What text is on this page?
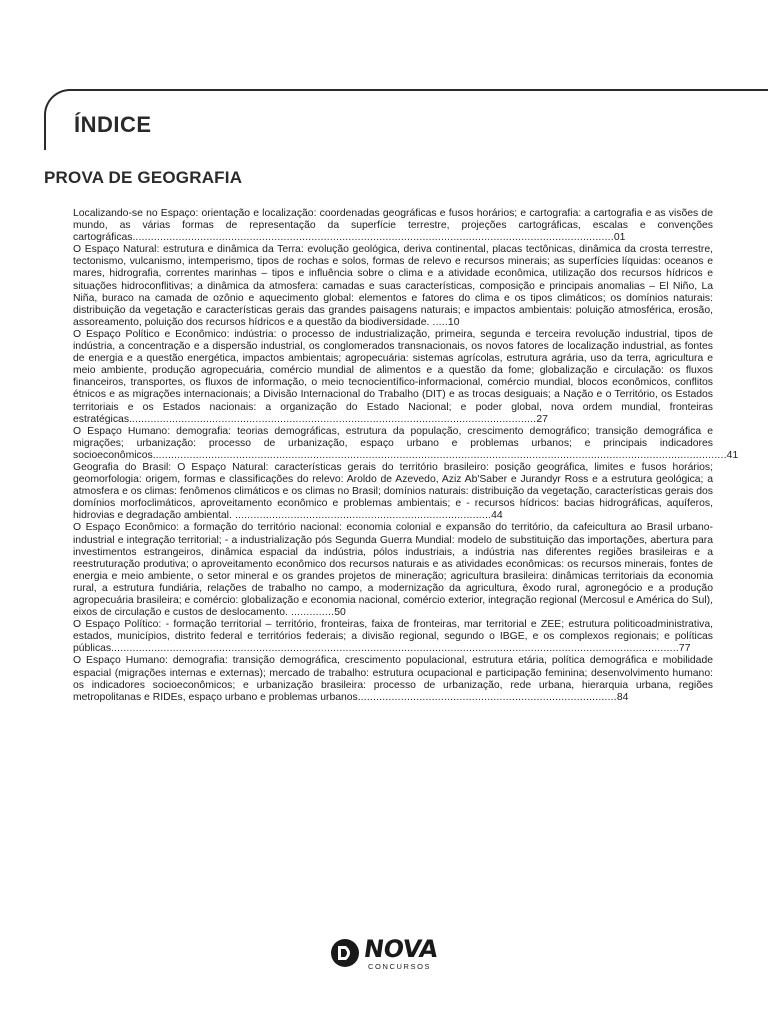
ÍNDICE
PROVA DE GEOGRAFIA

Localizando-se no Espaço: orientação e localização: coordenadas geográficas e fusos horários; e cartografia: a cartografia e as visões de mundo, as várias formas de representação da superfície terrestre, projeções cartográficas, escalas e convenções cartográficas............................................................................................................................................................01

O Espaço Natural: estrutura e dinâmica da Terra: evolução geológica, deriva continental, placas tectônicas, dinâmica da crosta terrestre, tectonismo, vulcanismo, intemperismo, tipos de rochas e solos, formas de relevo e recursos minerais; as superfícies líquidas: oceanos e mares, hidrografia, correntes marinhas – tipos e influência sobre o clima e a atividade econômica, utilização dos recursos hídricos e situações hidroconflitivas; a dinâmica da atmosfera: camadas e suas características, composição e principais anomalias – El Niño, La Niña, buraco na camada de ozônio e aquecimento global: elementos e fatores do clima e os tipos climáticos; os domínios naturais: distribuição da vegetação e características gerais das grandes paisagens naturais; e impactos ambientais: poluição atmosférica, erosão, assoreamento, poluição dos recursos hídricos e a questão da biodiversidade. .....10

O Espaço Político e Econômico: indústria: o processo de industrialização, primeira, segunda e terceira revolução industrial, tipos de indústria, a concentração e a dispersão industrial, os conglomerados transnacionais, os novos fatores de localização industrial, as fontes de energia e a questão energética, impactos ambientais; agropecuária: sistemas agrícolas, estrutura agrária, uso da terra, agricultura e meio ambiente, produção agropecuária, comércio mundial de alimentos e a questão da fome; globalização e circulação: os fluxos financeiros, transportes, os fluxos de informação, o meio tecnocientífico-informacional, comércio mundial, blocos econômicos, conflitos étnicos e as migrações internacionais; a Divisão Internacional do Trabalho (DIT) e as trocas desiguais; a Nação e o Território, os Estados territoriais e os Estados nacionais: a organização do Estado Nacional; e poder global, nova ordem mundial, fronteiras estratégicas....................................................................................................................................27

O Espaço Humano: demografia: teorias demográficas, estrutura da população, crescimento demográfico; transição demográfica e migrações; urbanização: processo de urbanização, espaço urbano e problemas urbanos; e principais indicadores socioeconômicos..........................................................................................................................................................................................41

Geografia do Brasil: O Espaço Natural: características gerais do território brasileiro: posição geográfica, limites e fusos horários; geomorfologia: origem, formas e classificações do relevo: Aroldo de Azevedo, Aziz Ab'Saber e Jurandyr Ross e a estrutura geológica; a atmosfera e os climas: fenômenos climáticos e os climas no Brasil; domínios naturais: distribuição da vegetação, características gerais dos domínios morfoclimáticos, aproveitamento econômico e problemas ambientais; e - recursos hídricos: bacias hidrográficas, aquíferos, hidrovias e degradação ambiental. ...................................................................................44

O Espaço Econômico: a formação do território nacional: economia colonial e expansão do território, da cafeicultura ao Brasil urbano-industrial e integração territorial; - a industrialização pós Segunda Guerra Mundial: modelo de substituição das importações, abertura para investimentos estrangeiros, dinâmica espacial da indústria, pólos industriais, a indústria nas diferentes regiões brasileiras e a reestruturação produtiva; o aproveitamento econômico dos recursos naturais e as atividades econômicas: os recursos minerais, fontes de energia e meio ambiente, o setor mineral e os grandes projetos de mineração; agricultura brasileira: dinâmicas territoriais da economia rural, a estrutura fundiária, relações de trabalho no campo, a modernização da agricultura, êxodo rural, agronegócio e a produção agropecuária brasileira; e comércio: globalização e economia nacional, comércio exterior, integração regional (Mercosul e América do Sul), eixos de circulação e custos de deslocamento. ..............50

O Espaço Político: - formação territorial – território, fronteiras, faixa de fronteiras, mar territorial e ZEE; estrutura politicoadministrativa, estados, municípios, distrito federal e territórios federais; a divisão regional, segundo o IBGE, e os complexos regionais; e políticas públicas........................................................................................................................................................................................77

O Espaço Humano: demografia: transição demográfica, crescimento populacional, estrutura etária, política demográfica e mobilidade espacial (migrações internas e externas); mercado de trabalho: estrutura ocupacional e participação feminina; desenvolvimento humano: os indicadores socioeconômicos; e urbanização brasileira: processo de urbanização, rede urbana, hierarquia urbana, regiões metropolitanas e RIDEs, espaço urbano e problemas urbanos....................................................................................84

NOVA
CONCURSOS
